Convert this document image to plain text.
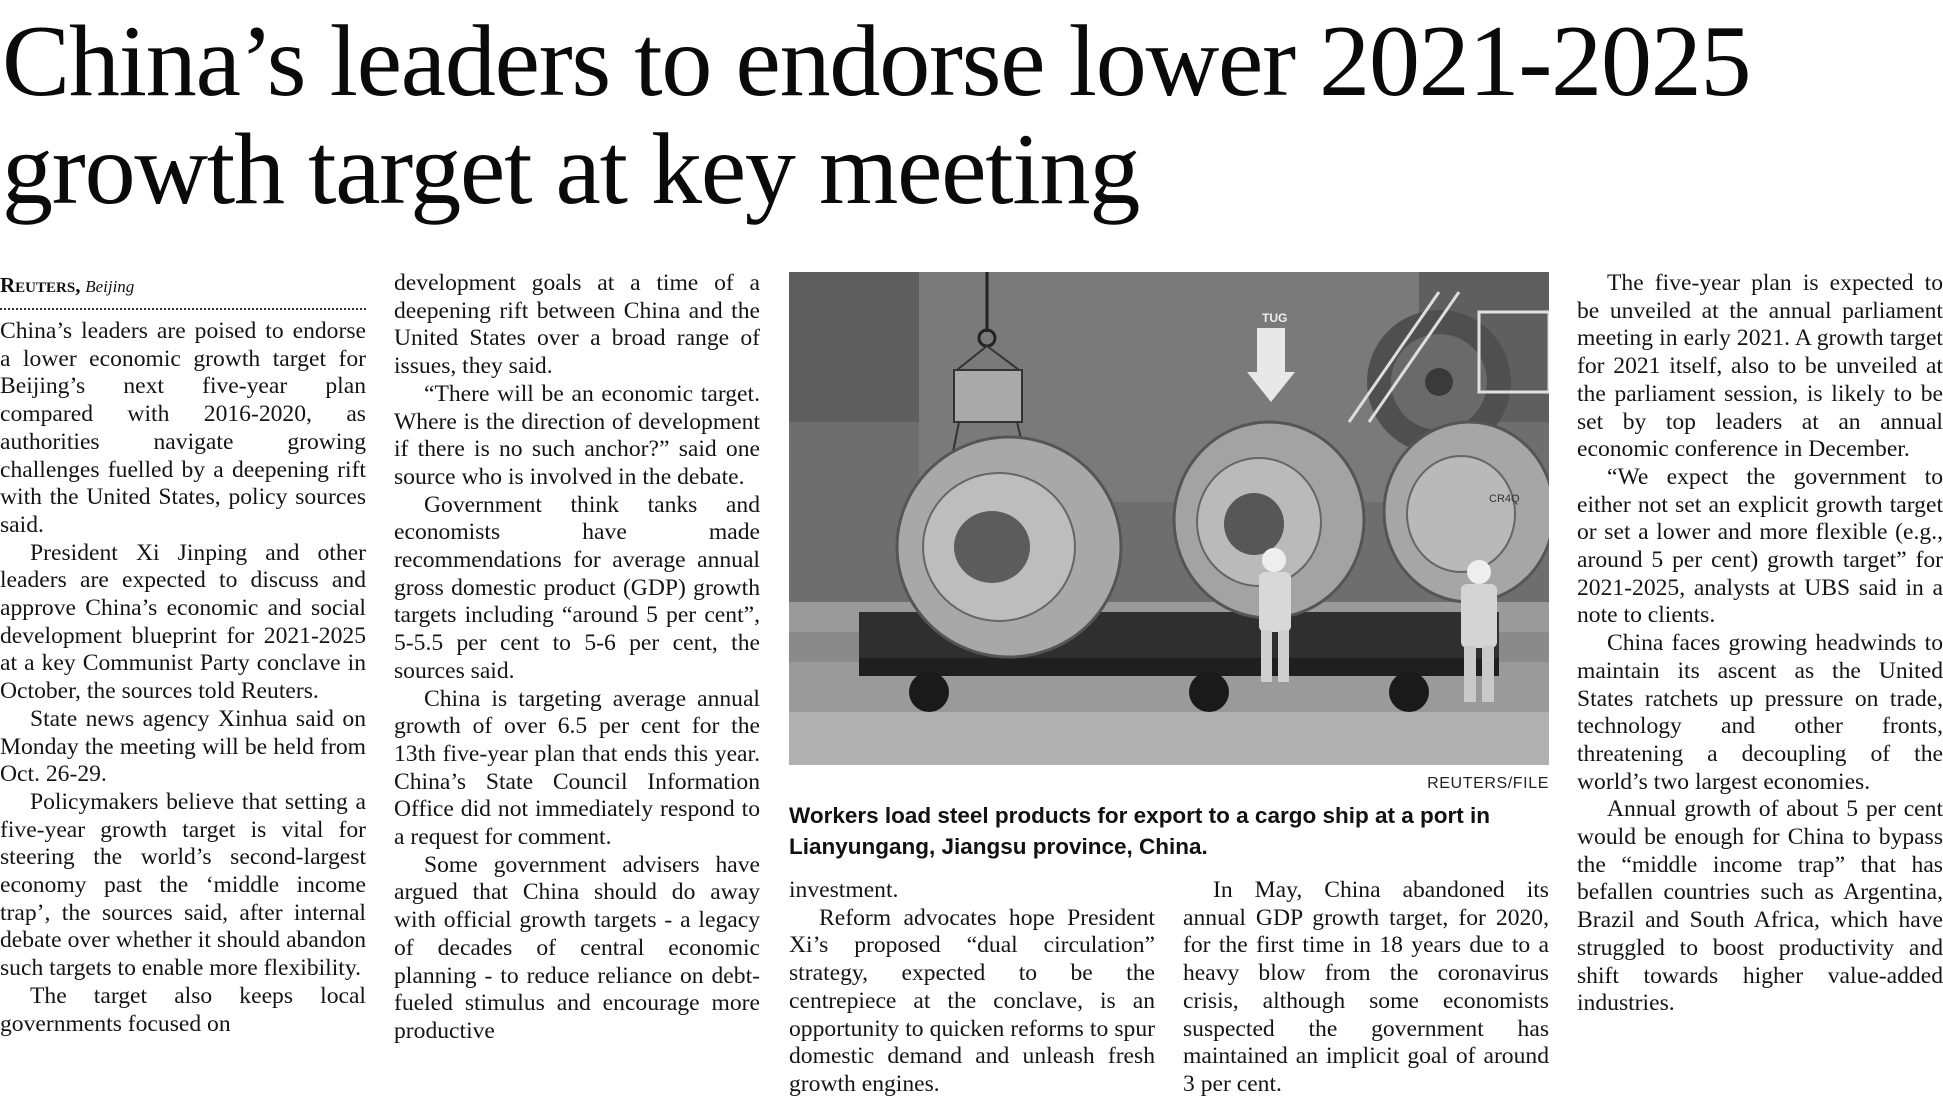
China’s leaders to endorse lower 2021-2025 growth target at key meeting
Reuters, Beijing

China’s leaders are poised to endorse a lower economic growth target for Beijing’s next five-year plan compared with 2016-2020, as authorities navigate growing challenges fuelled by a deepening rift with the United States, policy sources said.

President Xi Jinping and other leaders are expected to discuss and approve China’s economic and social development blueprint for 2021-2025 at a key Communist Party conclave in October, the sources told Reuters.

State news agency Xinhua said on Monday the meeting will be held from Oct. 26-29.

Policymakers believe that setting a five-year growth target is vital for steering the world’s second-largest economy past the ‘middle income trap’, the sources said, after internal debate over whether it should abandon such targets to enable more flexibility.

The target also keeps local governments focused on

development goals at a time of a deepening rift between China and the United States over a broad range of issues, they said.

“There will be an economic target. Where is the direction of development if there is no such anchor?” said one source who is involved in the debate.

Government think tanks and economists have made recommendations for average annual gross domestic product (GDP) growth targets including “around 5 per cent”, 5-5.5 per cent to 5-6 per cent, the sources said.

China is targeting average annual growth of over 6.5 per cent for the 13th five-year plan that ends this year. China’s State Council Information Office did not immediately respond to a request for comment.

Some government advisers have argued that China should do away with official growth targets - a legacy of decades of central economic planning - to reduce reliance on debt-fueled stimulus and encourage more productive

TUG
CR4Q
REUTERS/FILE
Workers load steel products for export to a cargo ship at a port in Lianyungang, Jiangsu province, China.

investment.

Reform advocates hope President Xi’s proposed “dual circulation” strategy, expected to be the centrepiece at the conclave, is an opportunity to quicken reforms to spur domestic demand and unleash fresh growth engines.

In May, China abandoned its annual GDP growth target, for 2020, for the first time in 18 years due to a heavy blow from the coronavirus crisis, although some economists suspected the government has maintained an implicit goal of around 3 per cent.

The five-year plan is expected to be unveiled at the annual parliament meeting in early 2021. A growth target for 2021 itself, also to be unveiled at the parliament session, is likely to be set by top leaders at an annual economic conference in December.

“We expect the government to either not set an explicit growth target or set a lower and more flexible (e.g., around 5 per cent) growth target” for 2021-2025, analysts at UBS said in a note to clients.

China faces growing headwinds to maintain its ascent as the United States ratchets up pressure on trade, technology and other fronts, threatening a decoupling of the world’s two largest economies.

Annual growth of about 5 per cent would be enough for China to bypass the “middle income trap” that has befallen countries such as Argentina, Brazil and South Africa, which have struggled to boost productivity and shift towards higher value-added industries.
